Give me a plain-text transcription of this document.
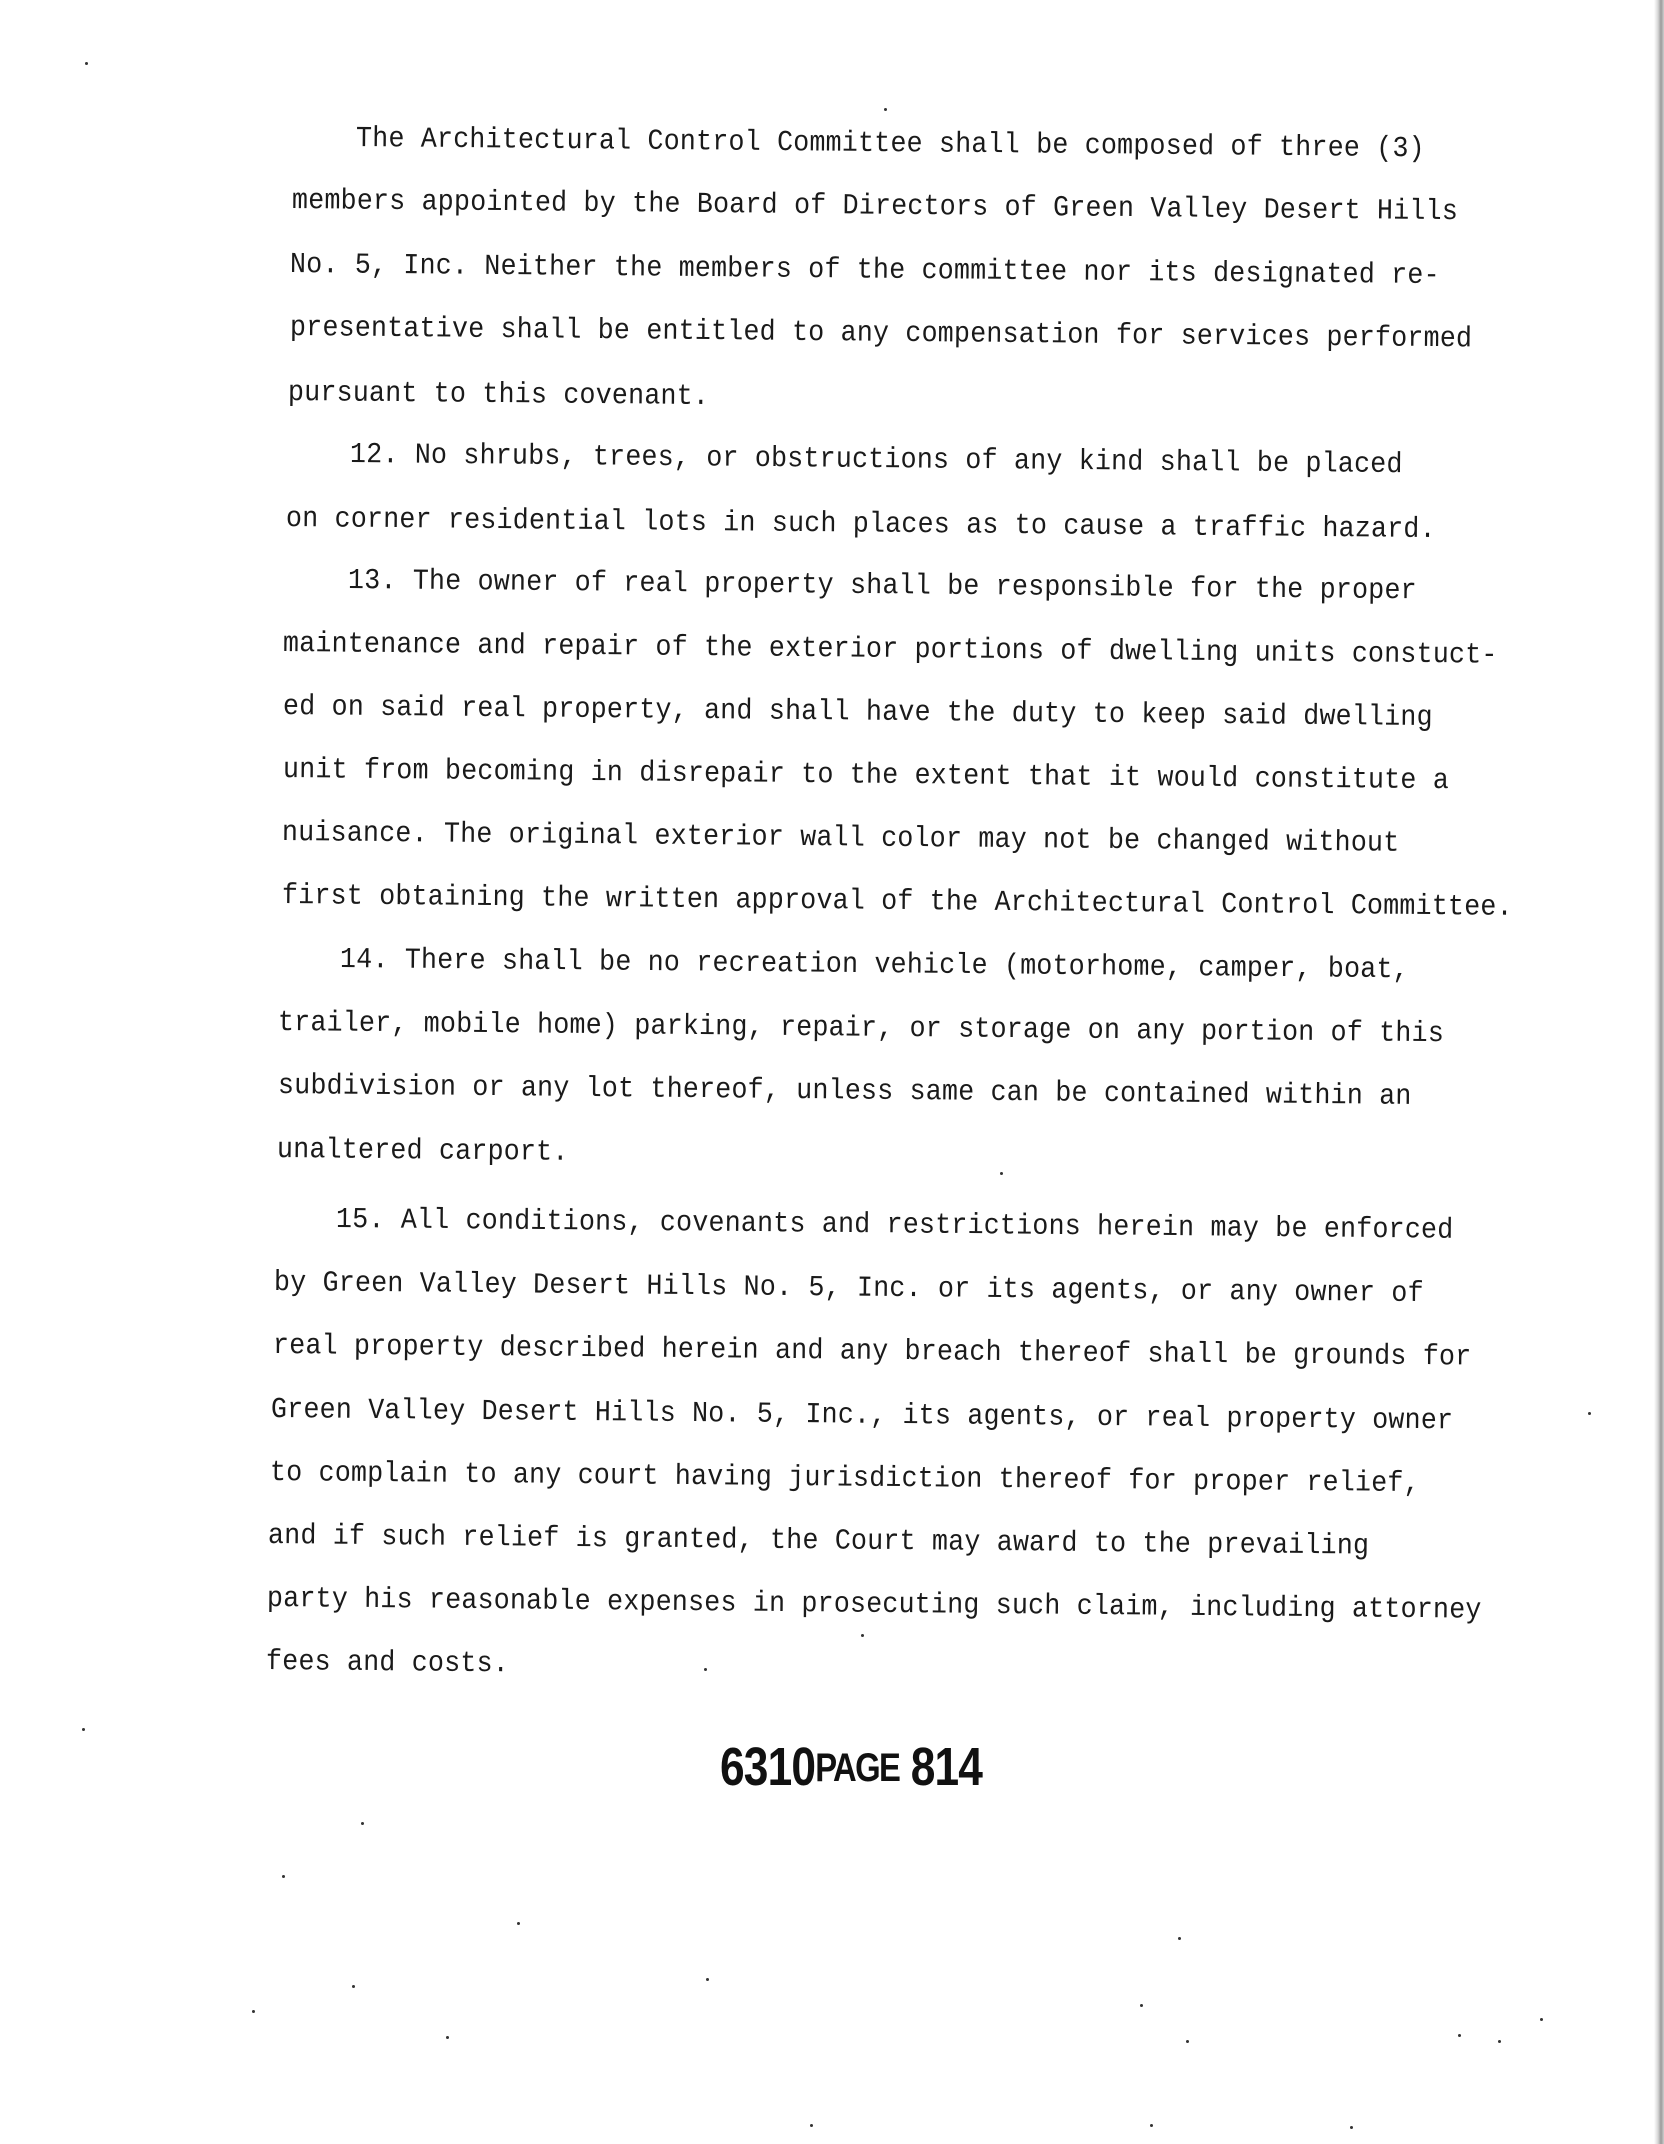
The Architectural Control Committee shall be composed of three (3)
members appointed by the Board of Directors of Green Valley Desert Hills
No. 5, Inc. Neither the members of the committee nor its designated re-
presentative shall be entitled to any compensation for services performed
pursuant to this covenant.
12. No shrubs, trees, or obstructions of any kind shall be placed
on corner residential lots in such places as to cause a traffic hazard.
13. The owner of real property shall be responsible for the proper
maintenance and repair of the exterior portions of dwelling units constuct-
ed on said real property, and shall have the duty to keep said dwelling
unit from becoming in disrepair to the extent that it would constitute a
nuisance. The original exterior wall color may not be changed without
first obtaining the written approval of the Architectural Control Committee.
14. There shall be no recreation vehicle (motorhome, camper, boat,
trailer, mobile home) parking, repair, or storage on any portion of this
subdivision or any lot thereof, unless same can be contained within an
unaltered carport.
15. All conditions, covenants and restrictions herein may be enforced
by Green Valley Desert Hills No. 5, Inc. or its agents, or any owner of
real property described herein and any breach thereof shall be grounds for
Green Valley Desert Hills No. 5, Inc., its agents, or real property owner
to complain to any court having jurisdiction thereof for proper relief,
and if such relief is granted, the Court may award to the prevailing
party his reasonable expenses in prosecuting such claim, including attorney
fees and costs.
6310PAGE 814
